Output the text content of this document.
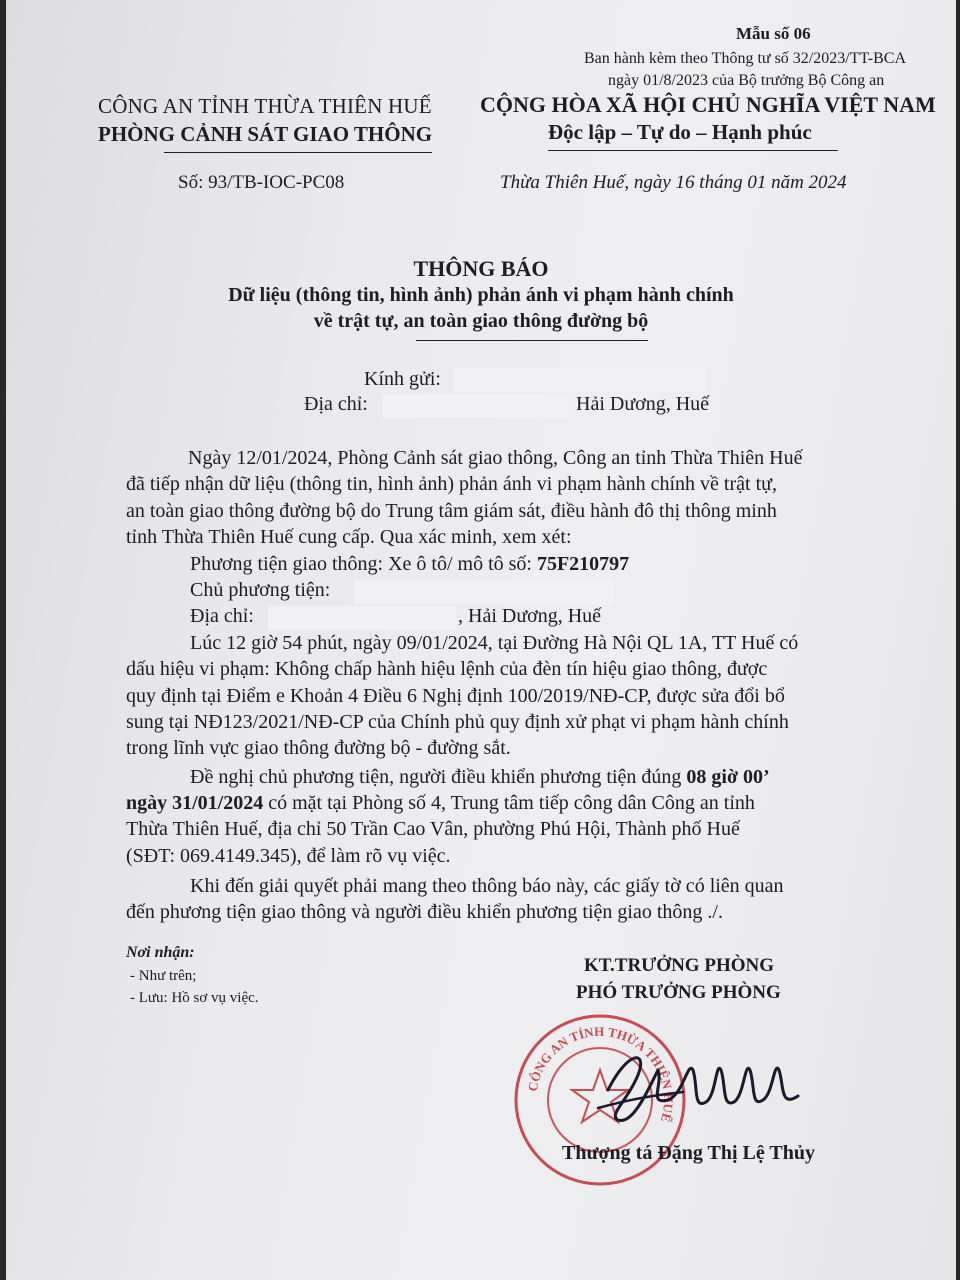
Mẫu số 06
Ban hành kèm theo Thông tư số 32/2023/TT-BCA
ngày 01/8/2023 của Bộ trưởng Bộ Công an
CÔNG AN TỈNH THỪA THIÊN HUẾ
PHÒNG CẢNH SÁT GIAO THÔNG
CỘNG HÒA XÃ HỘI CHỦ NGHĨA VIỆT NAM
Độc lập – Tự do – Hạnh phúc
Số: 93/TB-IOC-PC08	Thừa Thiên Huế, ngày 16 tháng 01 năm 2024
THÔNG BÁO
Dữ liệu (thông tin, hình ảnh) phản ánh vi phạm hành chính
về trật tự, an toàn giao thông đường bộ
Kính gửi:
Địa chỉ:	Hải Dương, Huế
Ngày 12/01/2024, Phòng Cảnh sát giao thông, Công an tỉnh Thừa Thiên Huế
đã tiếp nhận dữ liệu (thông tin, hình ảnh) phản ánh vi phạm hành chính về trật tự,
an toàn giao thông đường bộ do Trung tâm giám sát, điều hành đô thị thông minh
tỉnh Thừa Thiên Huế cung cấp. Qua xác minh, xem xét:
Phương tiện giao thông: Xe ô tô/ mô tô số: 75F210797
Chủ phương tiện:
Địa chỉ:	, Hải Dương, Huế
Lúc 12 giờ 54 phút, ngày 09/01/2024, tại Đường Hà Nội QL 1A, TT Huế có
dấu hiệu vi phạm: Không chấp hành hiệu lệnh của đèn tín hiệu giao thông, được
quy định tại Điểm e Khoản 4 Điều 6 Nghị định 100/2019/NĐ-CP, được sửa đổi bổ
sung tại NĐ123/2021/NĐ-CP của Chính phủ quy định xử phạt vi phạm hành chính
trong lĩnh vực giao thông đường bộ - đường sắt.
Đề nghị chủ phương tiện, người điều khiển phương tiện đúng 08 giờ 00’
ngày 31/01/2024 có mặt tại Phòng số 4, Trung tâm tiếp công dân Công an tỉnh
Thừa Thiên Huế, địa chỉ 50 Trần Cao Vân, phường Phú Hội, Thành phố Huế
(SĐT: 069.4149.345), để làm rõ vụ việc.
Khi đến giải quyết phải mang theo thông báo này, các giấy tờ có liên quan
đến phương tiện giao thông và người điều khiển phương tiện giao thông ./.
Nơi nhận:
- Như trên;
- Lưu: Hồ sơ vụ việc.
KT.TRƯỞNG PHÒNG
PHÓ TRƯỞNG PHÒNG
CÔNG AN TỈNH THỪA THIÊN HUẾ
Thượng tá Đặng Thị Lệ Thủy
